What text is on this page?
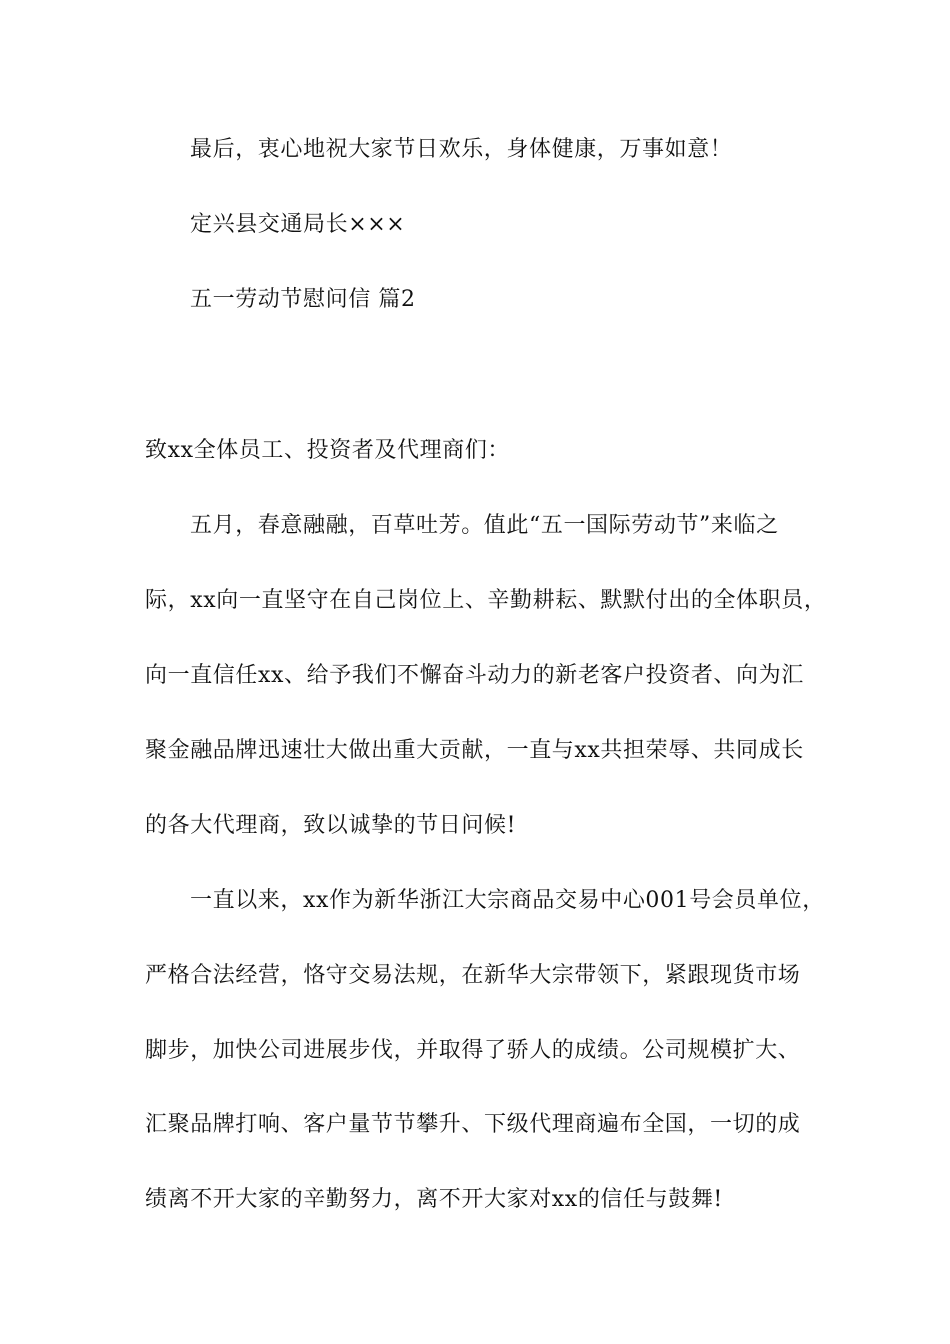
最后，衷心地祝大家节日欢乐，身体健康，万事如意！
定兴县交通局长×××
五一劳动节慰问信 篇2
致xx全体员工、投资者及代理商们：
五月，春意融融，百草吐芳。值此“五一国际劳动节”来临之
际，xx向一直坚守在自己岗位上、辛勤耕耘、默默付出的全体职员，
向一直信任xx、给予我们不懈奋斗动力的新老客户投资者、向为汇
聚金融品牌迅速壮大做出重大贡献，一直与xx共担荣辱、共同成长
的各大代理商，致以诚挚的节日问候!
一直以来，xx作为新华浙江大宗商品交易中心001号会员单位，
严格合法经营，恪守交易法规，在新华大宗带领下，紧跟现货市场
脚步，加快公司进展步伐，并取得了骄人的成绩。公司规模扩大、
汇聚品牌打响、客户量节节攀升、下级代理商遍布全国，一切的成
绩离不开大家的辛勤努力，离不开大家对xx的信任与鼓舞!
